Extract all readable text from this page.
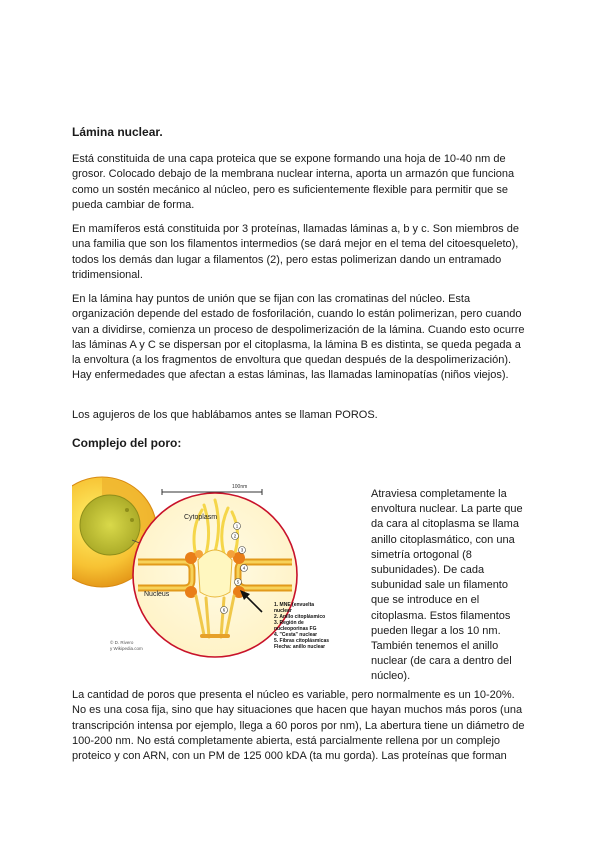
Lámina nuclear.

Está constituida de una capa proteica que se expone formando una hoja de 10-40 nm de grosor. Colocado debajo de la membrana nuclear interna, aporta un armazón que funciona como un sostén mecánico al núcleo, pero es suficientemente flexible para permitir que se pueda cambiar de forma.

En mamíferos está constituida por 3 proteínas, llamadas láminas a, b y c. Son miembros de una familia que son los filamentos intermedios (se dará mejor en el tema del citoesqueleto), todos los demás dan lugar a filamentos (2), pero estas polimerizan dando un entramado tridimensional.

En la lámina hay puntos de unión que se fijan con las cromatinas del núcleo. Esta organización depende del estado de fosforilación, cuando lo están polimerizan, pero cuando van a dividirse, comienza un proceso de despolimerización de la lámina. Cuando esto ocurre las láminas A y C se dispersan por el citoplasma, la lámina B es distinta, se queda pegada a la envoltura (a los fragmentos de envoltura que quedan después de la despolimerización). Hay enfermedades que afectan a estas láminas, las llamadas laminopatías (niños viejos).

Los agujeros de los que hablábamos antes se llaman POROS.

Complejo del poro:

100nm
Cytoplasm
Nucleus
1
2
3
4
5
6
1. MNE (envuelta
nuclear
2. Anillo citoplásmico
3. Región de
nucleoporinas FG
4. "Cesta" nuclear
5. Fibras citoplásmicas
Flecha: anillo nuclear
© D. Rivero
y Wikipedia.com

Atraviesa completamente la envoltura nuclear. La parte que da cara al citoplasma se llama anillo citoplasmático, con una simetría ortogonal (8 subunidades). De cada subunidad sale un filamento que se introduce en el citoplasma. Estos filamentos pueden llegar a los 10 nm. También tenemos el anillo nuclear (de cara a dentro del núcleo).

La cantidad de poros que presenta el núcleo es variable, pero normalmente es un 10-20%. No es una cosa fija, sino que hay situaciones que hacen que hayan muchos más poros (una transcripción intensa por ejemplo, llega a 60 poros por nm), La abertura tiene un diámetro de 100-200 nm. No está completamente abierta, está parcialmente rellena por un complejo proteico y con ARN, con un PM de 125 000 kDA (ta mu gorda). Las proteínas que forman
